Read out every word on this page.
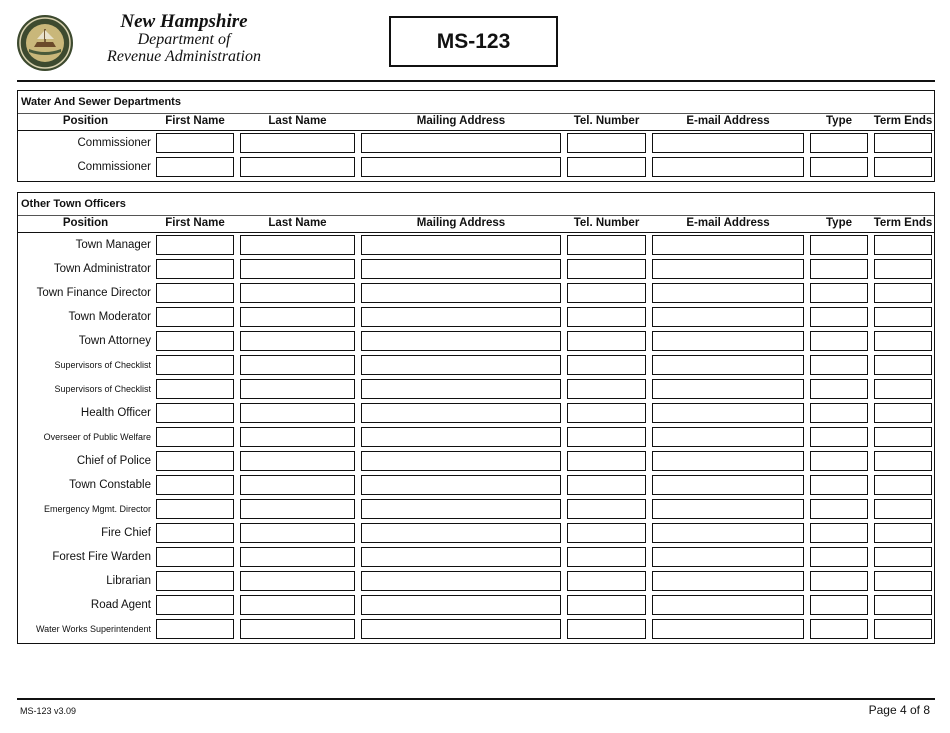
New Hampshire
Department of
Revenue Administration
MS-123
Water And Sewer Departments
Position	First Name	Last Name	Mailing Address	Tel. Number	E-mail Address	Type	Term Ends
Commissioner
Commissioner
Other Town Officers
Position	First Name	Last Name	Mailing Address	Tel. Number	E-mail Address	Type	Term Ends
Town Manager
Town Administrator
Town Finance Director
Town Moderator
Town Attorney
Supervisors of Checklist
Supervisors of Checklist
Health Officer
Overseer of Public Welfare
Chief of Police
Town Constable
Emergency Mgmt. Director
Fire Chief
Forest Fire Warden
Librarian
Road Agent
Water Works Superintendent
MS-123 v3.09	Page 4 of 8
